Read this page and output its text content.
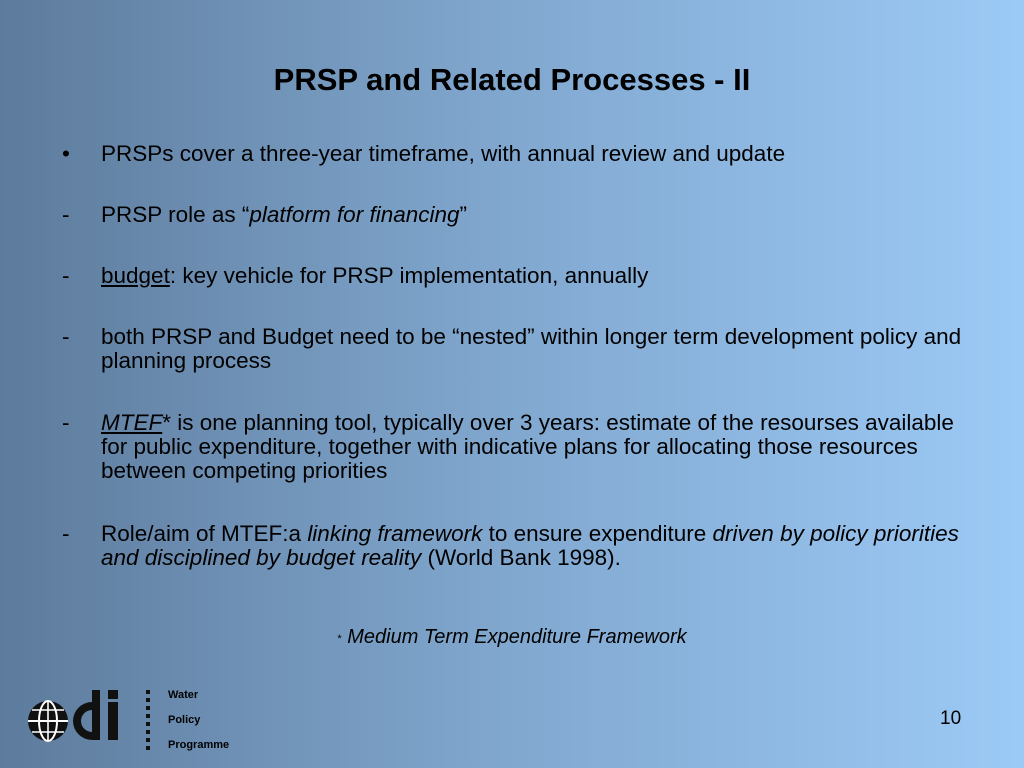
PRSP and Related Processes - II
•	PRSPs cover a three-year timeframe, with annual review and update
-	PRSP role as “platform for financing”
-	budget: key vehicle for PRSP implementation, annually
-	both PRSP and Budget need to be “nested” within longer term development policy and planning process
-	MTEF* is one planning tool, typically over 3 years: estimate of the resourses available for public expenditure, together with indicative plans for allocating those resources between competing priorities
-	Role/aim of MTEF:a linking framework to ensure expenditure driven by policy priorities and disciplined by budget reality (World Bank 1998).
* Medium Term Expenditure Framework
Water
Policy
Programme
10
